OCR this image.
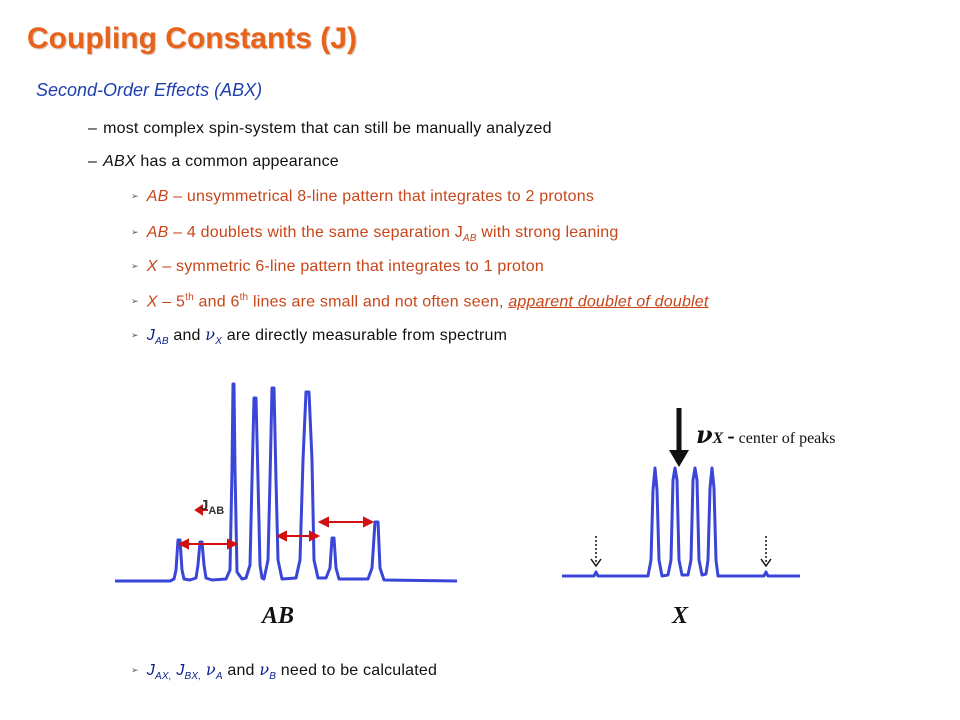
Coupling Constants (J)
Second-Order Effects (ABX)
– most complex spin-system that can still be manually analyzed
– ABX has a common appearance
➢ AB – unsymmetrical 8-line pattern that integrates to 2 protons
➢ AB – 4 doublets with the same separation $J_{AB}$ with strong leaning
➢ X – symmetric 6-line pattern that integrates to 1 proton
➢ X – 5th and 6th lines are small and not often seen, apparent doublet of doublet
➢ $J_{AB}$ and $\nu_X$ are directly measurable from spectrum
$J_{AB}$
AB	X
νX - center of peaks
➢ $J_{AX,}$ $J_{BX,}$ $\nu_A$ and $\nu_B$ need to be calculated
